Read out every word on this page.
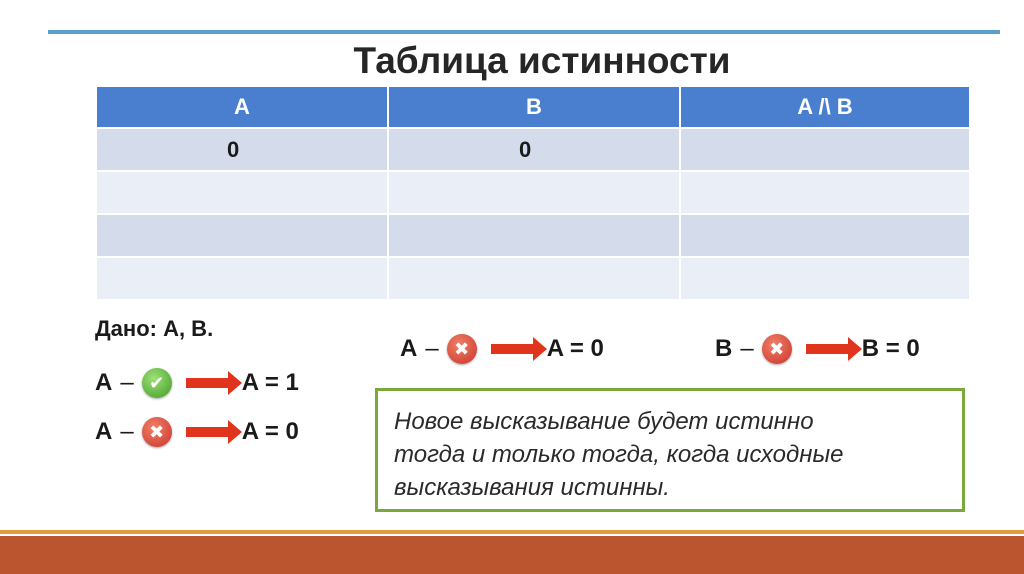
Таблица истинности
A	B	A /\ B
0	0	

Дано: А, В.
A – ✔	A = 1
A – ✖	A = 0
A – ✖	A = 0	B – ✖	B = 0
Новое высказывание будет истинно
тогда и только тогда, когда исходные
высказывания истинны.
